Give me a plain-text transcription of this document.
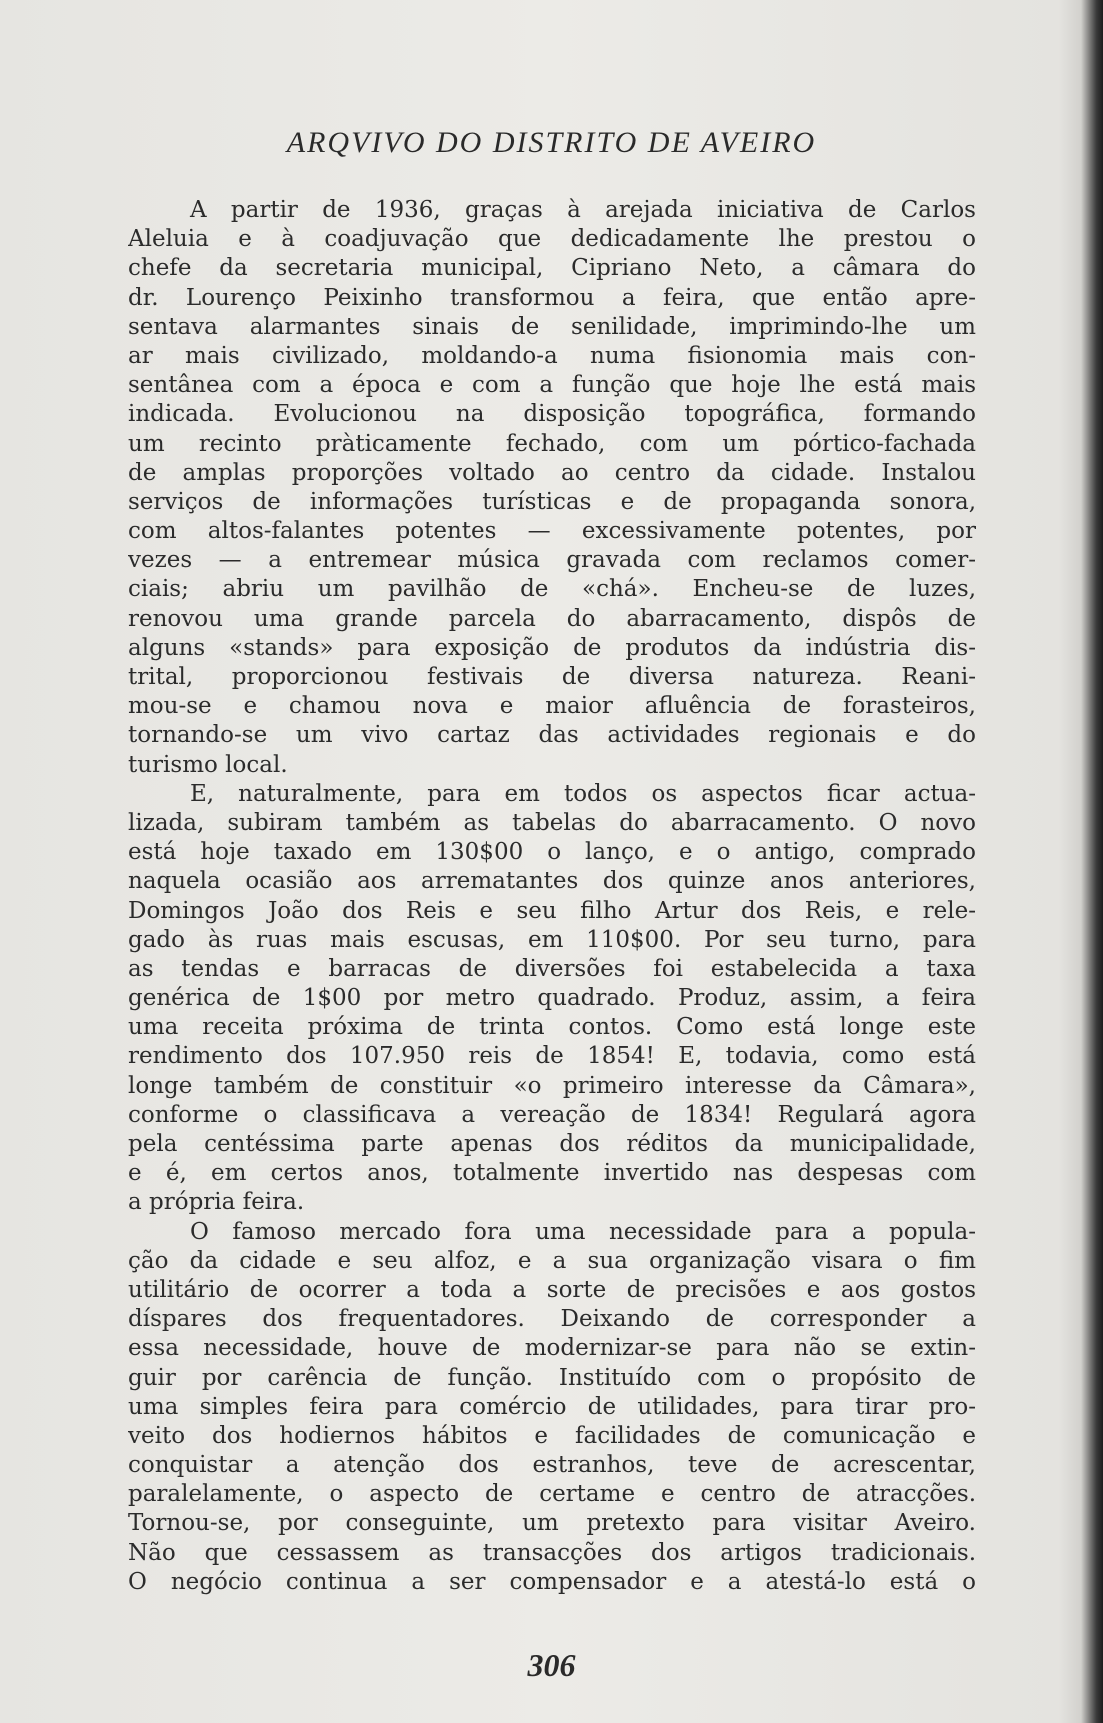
ARQVIVO DO DISTRITO DE AVEIRO
A partir de 1936, graças à arejada iniciativa de Carlos
Aleluia e à coadjuvação que dedicadamente lhe prestou o
chefe da secretaria municipal, Cipriano Neto, a câmara do
dr. Lourenço Peixinho transformou a feira, que então apre-
sentava alarmantes sinais de senilidade, imprimindo-lhe um
ar mais civilizado, moldando-a numa fisionomia mais con-
sentânea com a época e com a função que hoje lhe está mais
indicada. Evolucionou na disposição topográfica, formando
um recinto pràticamente fechado, com um pórtico-fachada
de amplas proporções voltado ao centro da cidade. Instalou
serviços de informações turísticas e de propaganda sonora,
com altos-falantes potentes — excessivamente potentes, por
vezes — a entremear música gravada com reclamos comer-
ciais; abriu um pavilhão de «chá». Encheu-se de luzes,
renovou uma grande parcela do abarracamento, dispôs de
alguns «stands» para exposição de produtos da indústria dis-
trital, proporcionou festivais de diversa natureza. Reani-
mou-se e chamou nova e maior afluência de forasteiros,
tornando-se um vivo cartaz das actividades regionais e do
turismo local.
E, naturalmente, para em todos os aspectos ficar actua-
lizada, subiram também as tabelas do abarracamento. O novo
está hoje taxado em 130$00 o lanço, e o antigo, comprado
naquela ocasião aos arrematantes dos quinze anos anteriores,
Domingos João dos Reis e seu filho Artur dos Reis, e rele-
gado às ruas mais escusas, em 110$00. Por seu turno, para
as tendas e barracas de diversões foi estabelecida a taxa
genérica de 1$00 por metro quadrado. Produz, assim, a feira
uma receita próxima de trinta contos. Como está longe este
rendimento dos 107.950 reis de 1854! E, todavia, como está
longe também de constituir «o primeiro interesse da Câmara»,
conforme o classificava a vereação de 1834! Regulará agora
pela centéssima parte apenas dos réditos da municipalidade,
e é, em certos anos, totalmente invertido nas despesas com
a própria feira.
O famoso mercado fora uma necessidade para a popula-
ção da cidade e seu alfoz, e a sua organização visara o fim
utilitário de ocorrer a toda a sorte de precisões e aos gostos
díspares dos frequentadores. Deixando de corresponder a
essa necessidade, houve de modernizar-se para não se extin-
guir por carência de função. Instituído com o propósito de
uma simples feira para comércio de utilidades, para tirar pro-
veito dos hodiernos hábitos e facilidades de comunicação e
conquistar a atenção dos estranhos, teve de acrescentar,
paralelamente, o aspecto de certame e centro de atracções.
Tornou-se, por conseguinte, um pretexto para visitar Aveiro.
Não que cessassem as transacções dos artigos tradicionais.
O negócio continua a ser compensador e a atestá-lo está o
306
